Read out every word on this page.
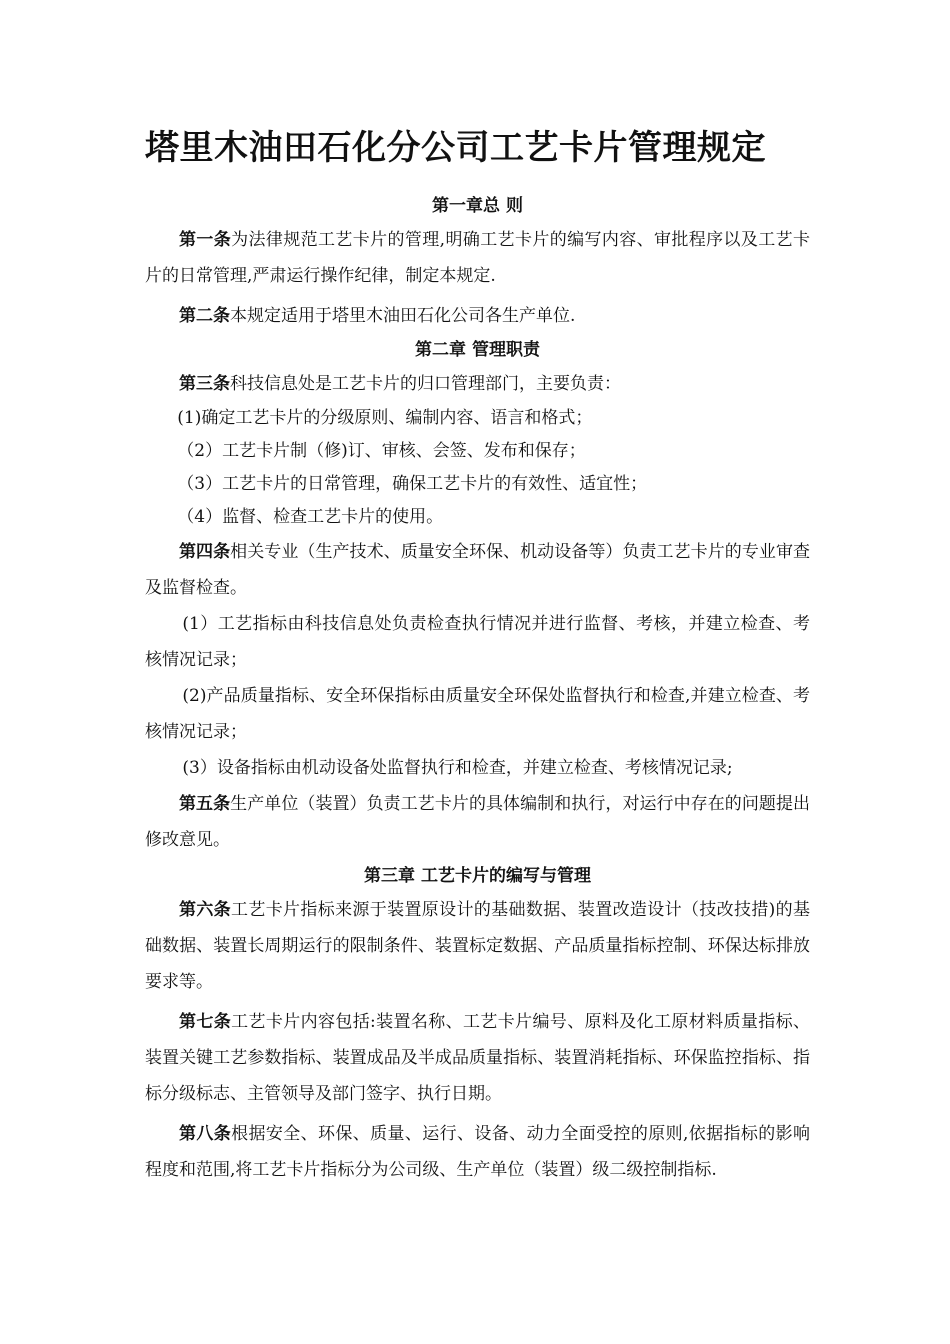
塔里木油田石化分公司工艺卡片管理规定

第一章总 则

第一条为法律规范工艺卡片的管理,明确工艺卡片的编写内容、审批程序以及工艺卡片的日常管理,严肃运行操作纪律，制定本规定.

第二条本规定适用于塔里木油田石化公司各生产单位.

第二章 管理职责

第三条科技信息处是工艺卡片的归口管理部门，主要负责：

(1)确定工艺卡片的分级原则、编制内容、语言和格式；

（2）工艺卡片制（修)订、审核、会签、发布和保存；

（3）工艺卡片的日常管理，确保工艺卡片的有效性、适宜性；

（4）监督、检查工艺卡片的使用。

第四条相关专业（生产技术、质量安全环保、机动设备等）负责工艺卡片的专业审查及监督检查。

(1）工艺指标由科技信息处负责检查执行情况并进行监督、考核，并建立检查、考核情况记录；

(2)产品质量指标、安全环保指标由质量安全环保处监督执行和检查,并建立检查、考核情况记录；

(3）设备指标由机动设备处监督执行和检查，并建立检查、考核情况记录;

第五条生产单位（装置）负责工艺卡片的具体编制和执行，对运行中存在的问题提出修改意见。

第三章 工艺卡片的编写与管理

第六条工艺卡片指标来源于装置原设计的基础数据、装置改造设计（技改技措)的基础数据、装置长周期运行的限制条件、装置标定数据、产品质量指标控制、环保达标排放要求等。

第七条工艺卡片内容包括:装置名称、工艺卡片编号、原料及化工原材料质量指标、装置关键工艺参数指标、装置成品及半成品质量指标、装置消耗指标、环保监控指标、指标分级标志、主管领导及部门签字、执行日期。

第八条根据安全、环保、质量、运行、设备、动力全面受控的原则,依据指标的影响程度和范围,将工艺卡片指标分为公司级、生产单位（装置）级二级控制指标.
